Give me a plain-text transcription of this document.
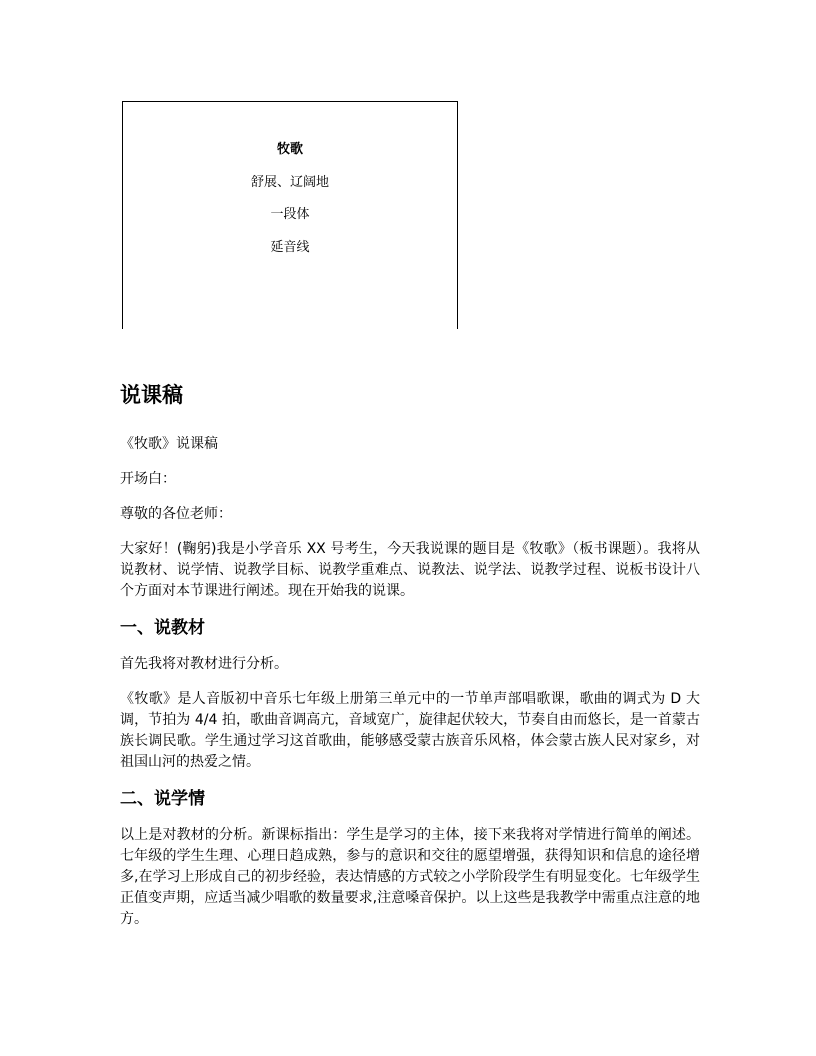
牧歌
舒展、辽阔地
一段体
延音线
说课稿

《牧歌》说课稿

开场白：

尊敬的各位老师：

大家好！(鞠躬)我是小学音乐 XX 号考生，今天我说课的题目是《牧歌》（板书课题）。我将从说教材、说学情、说教学目标、说教学重难点、说教法、说学法、说教学过程、说板书设计八个方面对本节课进行阐述。现在开始我的说课。

一、说教材

首先我将对教材进行分析。

《牧歌》是人音版初中音乐七年级上册第三单元中的一节单声部唱歌课，歌曲的调式为 D 大调，节拍为 4/4 拍，歌曲音调高亢，音域宽广，旋律起伏较大，节奏自由而悠长，是一首蒙古族长调民歌。学生通过学习这首歌曲，能够感受蒙古族音乐风格，体会蒙古族人民对家乡，对祖国山河的热爱之情。

二、说学情

以上是对教材的分析。新课标指出：学生是学习的主体，接下来我将对学情进行简单的阐述。七年级的学生生理、心理日趋成熟，参与的意识和交往的愿望增强，获得知识和信息的途径增多,在学习上形成自己的初步经验，表达情感的方式较之小学阶段学生有明显变化。七年级学生正值变声期，应适当减少唱歌的数量要求,注意嗓音保护。以上这些是我教学中需重点注意的地方。
